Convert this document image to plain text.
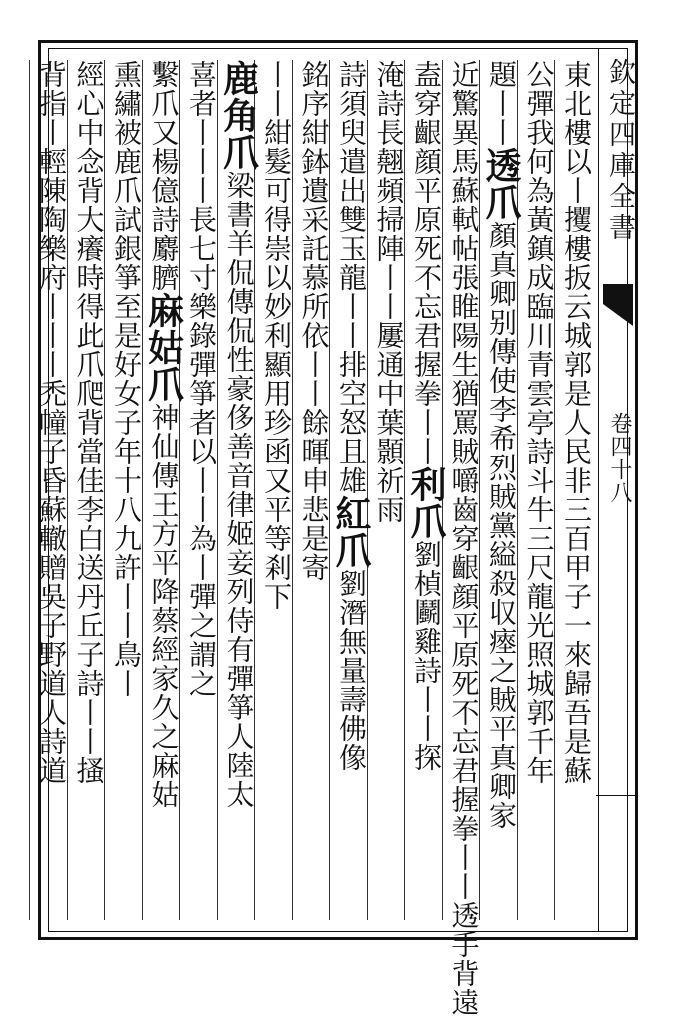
欽定四庫全書
卷四十八
東北樓以丨攫樓扳云城郭是人民非三百甲子一來歸吾是蘇
公彈我何為黃鎮成臨川青雲亭詩斗牛三尺龍光照城郭千年
題丨丨透爪顏真卿别傳使李希烈賊黨縊殺収瘞之賊平真卿家
近驚異馬蘇軾帖張睢陽生猶罵賊嚼齒穿齦顔平原死不忘君握拳丨丨透手背遠
盍穿齦顔平原死不忘君握拳丨丨利爪劉楨鬬雞詩丨丨探
淹詩長翹頻掃陣丨丨屢通中葉顥祈雨
詩須臾遣出雙玉龍丨丨排空怒且雄紅爪劉潛無量壽佛像
銘序紺鉢遺采託慕所依丨丨餘暉申悲是寄
丨丨紺髮可得崇以妙利顯用珍函又平等剎下
鹿角爪梁書羊侃傳侃性豪侈善音律姬妾列侍有彈箏人陸太
喜者丨丨丨長七寸樂錄彈箏者以丨丨為丨彈之謂之
繫爪又楊億詩麝臍麻姑爪神仙傳王方平降蔡經家久之麻姑
熏繡被鹿爪試銀箏至是好女子年十八九許丨丨鳥丨
經心中念背大癢時得此爪爬背當佳李白送丹丘子詩丨丨搔
背指丨輕陳陶樂府丨丨丨禿幢子昏蘇轍贈吳子野道人詩道
